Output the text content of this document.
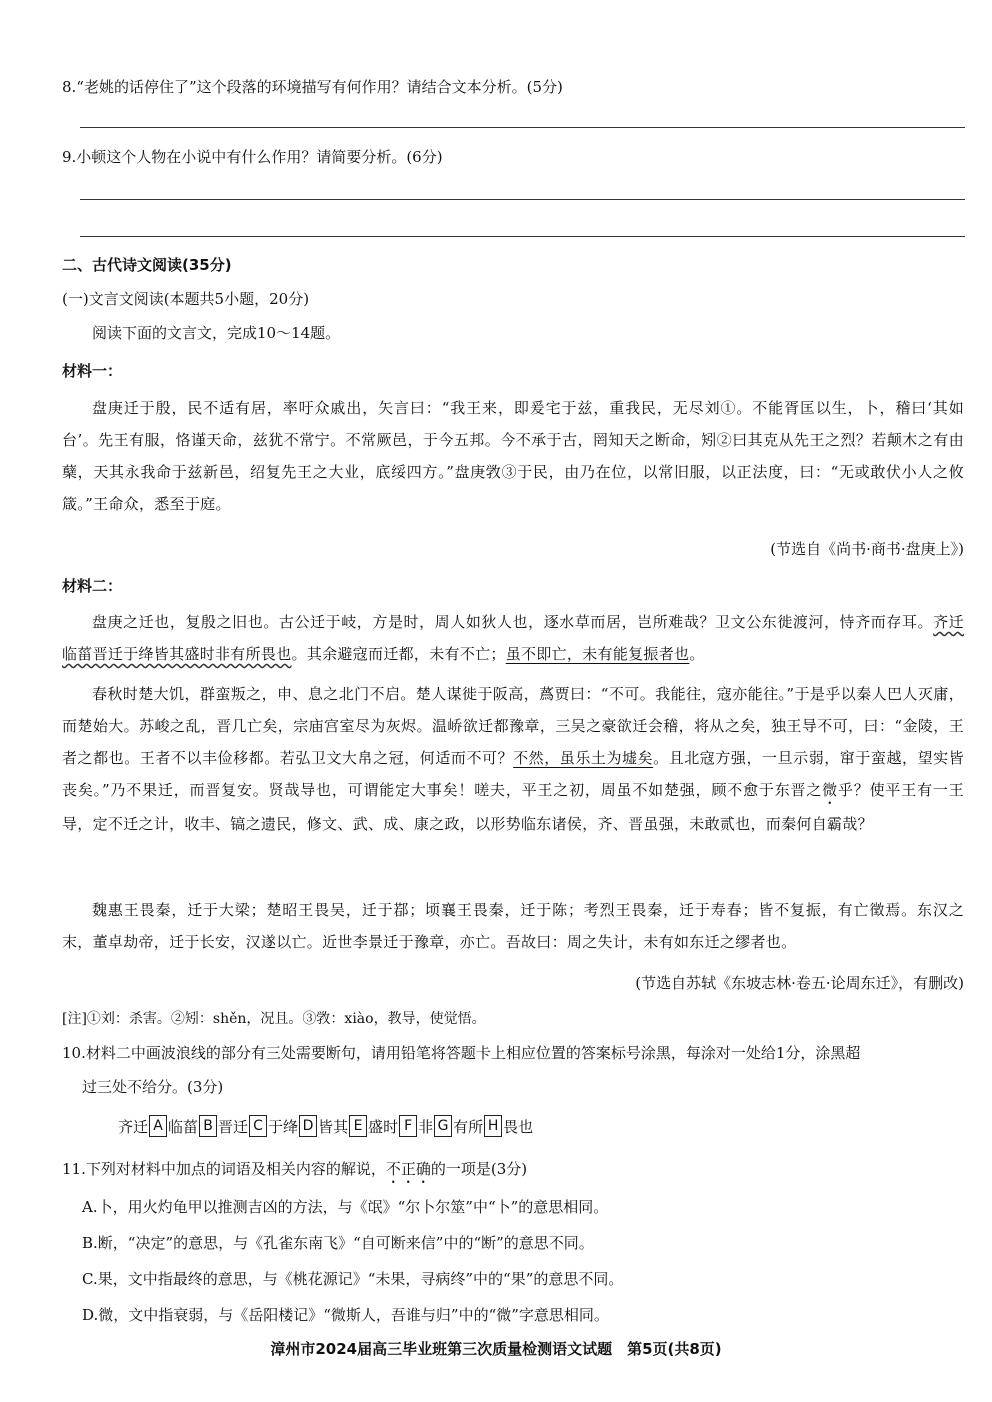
8.“老姚的话停住了”这个段落的环境描写有何作用？请结合文本分析。(5分)
9.小顿这个人物在小说中有什么作用？请简要分析。(6分)
二、古代诗文阅读(35分)
(一)文言文阅读(本题共5小题，20分)
阅读下面的文言文，完成10～14题。
材料一：
盘庚迁于殷，民不适有居，率吁众戚出，矢言曰：“我王来，即爰宅于兹，重我民，无尽刘①。不能胥匡以生，卜，稽曰‘其如台’。先王有服，恪谨天命，兹犹不常宁。不常厥邑，于今五邦。今不承于古，罔知天之断命，矧②曰其克从先王之烈？若颠木之有由蘖，天其永我命于兹新邑，绍复先王之大业，底绥四方。”盘庚敩③于民，由乃在位，以常旧服，以正法度，曰：“无或敢伏小人之攸箴。”王命众，悉至于庭。
(节选自《尚书·商书·盘庚上》)
材料二：
盘庚之迁也，复殷之旧也。古公迁于岐，方是时，周人如狄人也，逐水草而居，岂所难哉？卫文公东徙渡河，恃齐而存耳。齐迁临菑晋迁于绛皆其盛时非有所畏也。其余避寇而迁都，未有不亡；虽不即亡，未有能复振者也。
春秋时楚大饥，群蛮叛之，申、息之北门不启。楚人谋徙于阪高，蔿贾曰：“不可。我能往，寇亦能往。”于是乎以秦人巴人灭庸，而楚始大。苏峻之乱，晋几亡矣，宗庙宫室尽为灰烬。温峤欲迁都豫章，三吴之豪欲迁会稽，将从之矣，独王导不可，曰：“金陵，王者之都也。王者不以丰俭移都。若弘卫文大帛之冠，何适而不可？不然，虽乐土为墟矣。且北寇方强，一旦示弱，窜于蛮越，望实皆丧矣。”乃不果迁，而晋复安。贤哉导也，可谓能定大事矣！嗟夫，平王之初，周虽不如楚强，顾不愈于东晋之微乎？使平王有一王导，定不迁之计，收丰、镐之遗民，修文、武、成、康之政，以形势临东诸侯，齐、晋虽强，未敢贰也，而秦何自霸哉？
魏惠王畏秦，迁于大梁；楚昭王畏吴，迁于鄀；顷襄王畏秦，迁于陈；考烈王畏秦，迁于寿春；皆不复振，有亡徵焉。东汉之末，董卓劫帝，迁于长安，汉遂以亡。近世李景迁于豫章，亦亡。吾故曰：周之失计，未有如东迁之缪者也。
(节选自苏轼《东坡志林·卷五·论周东迁》，有删改)
[注]①刘：杀害。②矧：shěn，况且。③敩：xiào，教导，使觉悟。
10.材料二中画波浪线的部分有三处需要断句，请用铅笔将答题卡上相应位置的答案标号涂黑，每涂对一处给1分，涂黑超
过三处不给分。(3分)
齐迁 A 临菑 B 晋迁 C 于绛 D 皆其 E 盛时 F 非 G 有所 H 畏也
11.下列对材料中加点的词语及相关内容的解说，不正确的一项是(3分)
A.卜，用火灼龟甲以推测吉凶的方法，与《氓》“尔卜尔筮”中“卜”的意思相同。
B.断，“决定”的意思，与《孔雀东南飞》“自可断来信”中的“断”的意思不同。
C.果，文中指最终的意思，与《桃花源记》“未果，寻病终”中的“果”的意思不同。
D.微，文中指衰弱，与《岳阳楼记》“微斯人，吾谁与归”中的“微”字意思相同。
漳州市2024届高三毕业班第三次质量检测语文试题　第5页(共8页)
